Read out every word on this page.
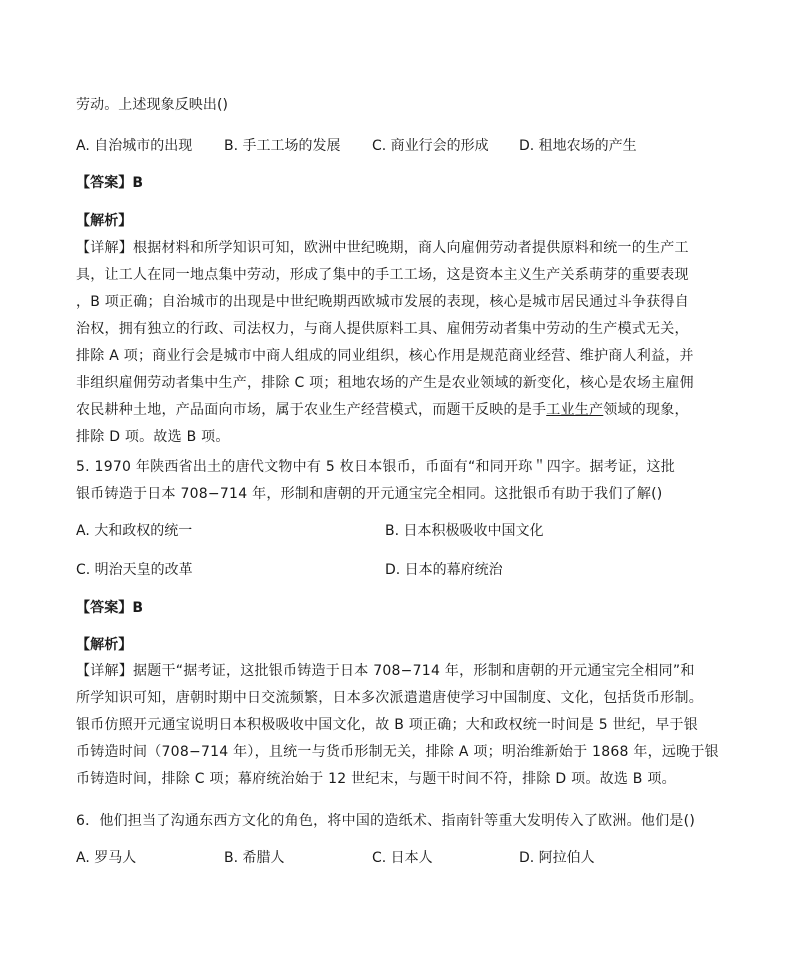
劳动。上述现象反映出()
A. 自治城市的出现 B. 手工工场的发展 C. 商业行会的形成 D. 租地农场的产生
【答案】B
【解析】
【详解】根据材料和所学知识可知，欧洲中世纪晚期，商人向雇佣劳动者提供原料和统一的生产工
具，让工人在同一地点集中劳动，形成了集中的手工工场，这是资本主义生产关系萌芽的重要表现
，B 项正确；自治城市的出现是中世纪晚期西欧城市发展的表现，核心是城市居民通过斗争获得自
治权，拥有独立的行政、司法权力，与商人提供原料工具、雇佣劳动者集中劳动的生产模式无关，
排除 A 项；商业行会是城市中商人组成的同业组织，核心作用是规范商业经营、维护商人利益，并
非组织雇佣劳动者集中生产，排除 C 项；租地农场的产生是农业领域的新变化，核心是农场主雇佣
农民耕种土地，产品面向市场，属于农业生产经营模式，而题干反映的是手工业生产领域的现象，
排除 D 项。故选 B 项。
5. 1970 年陕西省出土的唐代文物中有 5 枚日本银币，币面有“和同开珎＂四字。据考证，这批
银币铸造于日本 708−714 年，形制和唐朝的开元通宝完全相同。这批银币有助于我们了解()
A. 大和政权的统一	B. 日本积极吸收中国文化
C. 明治天皇的改革	D. 日本的幕府统治
【答案】B
【解析】
【详解】据题干“据考证，这批银币铸造于日本 708−714 年，形制和唐朝的开元通宝完全相同”和
所学知识可知，唐朝时期中日交流频繁，日本多次派遣遣唐使学习中国制度、文化，包括货币形制。
银币仿照开元通宝说明日本积极吸收中国文化，故 B 项正确；大和政权统一时间是 5 世纪，早于银
币铸造时间（708−714 年），且统一与货币形制无关，排除 A 项；明治维新始于 1868 年，远晚于银
币铸造时间，排除 C 项；幕府统治始于 12 世纪末，与题干时间不符，排除 D 项。故选 B 项。
6．他们担当了沟通东西方文化的角色，将中国的造纸术、指南针等重大发明传入了欧洲。他们是()
A. 罗马人	B. 希腊人	C. 日本人	D. 阿拉伯人
